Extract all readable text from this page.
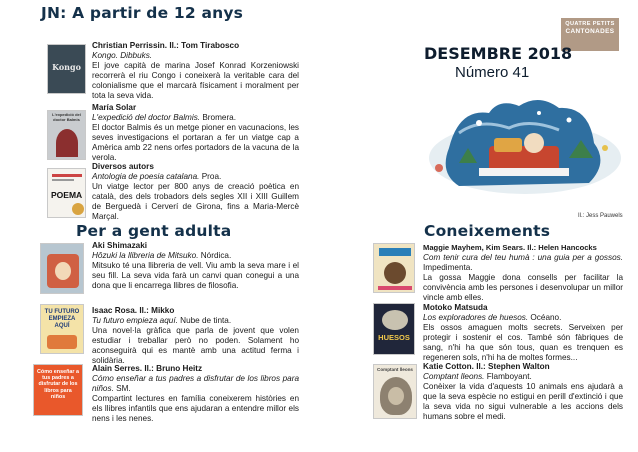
QUATRE PETITS
CANTONADES
DESEMBRE 2018
Número 41
Il.: Jess Pauwels
JN: A partir de 12 anys
Kongo
Christian Perrissin. Il.: Tom Tirabosco
Kongo. Dibbuks.

El jove capità de marina Josef Konrad Korzeniowski recorrerà el riu Congo i coneixerà la veritable cara del colonialisme que el marcarà físicament i moralment per tota la seva vida.

L'expedició del doctor Balmis
María Solar
L'expedició del doctor Balmis. Bromera.

El doctor Balmis és un metge pioner en vacunacions, les seves investigacions el portaran a fer un viatge cap a Amèrica amb 22 nens orfes portadors de la vacuna de la verola.

POEMA
Diversos autors
Antologia de poesia catalana. Proa.

Un viatge lector per 800 anys de creació poètica en català, des dels trobadors dels segles XII i XIII Guillem de Berguedà i Cerverí de Girona, fins a Maria-Mercè Marçal.

Per a gent adulta
Aki Shimazaki
Hôzuki la llibreria de Mitsuko. Nórdica.

Mitsuko té una llibreria de vell. Viu amb la seva mare i el seu fill. La seva vida farà un canvi quan conegui a una dona que li encarrega llibres de filosofia.

TU FUTURO EMPIEZA AQUÍ
Isaac Rosa. Il.: Mikko
Tu futuro empieza aquí. Nube de tinta.

Una novel·la gràfica que parla de jovent que volen estudiar i treballar però no poden. Solament ho aconseguirà qui es mantè amb una actitud ferma i solidària.

Cómo enseñar a tus padres a disfrutar de los libros para niños
Alain Serres. Il.: Bruno Heitz
Cómo enseñar a tus padres a disfrutar de los libros para niños. SM.

Compartint lectures en família coneixerem històries en els llibres infantils que ens ajudaran a entendre millor els nens i les nenes.

Coneixements
Maggie Mayhem, Kim Sears. Il.: Helen Hancocks
Com tenir cura del teu humà : una guia per a gossos. Impedimenta.

La gossa Maggie dona consells per facilitar la convivència amb les persones i desenvolupar un millor vincle amb elles.

HUESOS
Motoko Matsuda
Los exploradores de huesos. Océano.

Els ossos amaguen molts secrets. Serveixen per protegir i sostenir el cos. També són fàbriques de sang, n'hi ha que són tous, quan es trenquen es regeneren sols, n'hi ha de moltes formes...

Comptant lleons Katie Cotton. Il.: Stephen Walton
Comptant lleons. Flamboyant.

Conèixer la vida d'aquests 10 animals ens ajudarà a que la seva espècie no estigui en perill d'extinció i que la seva vida no sigui vulnerable a les accions dels humans sobre el medi.
